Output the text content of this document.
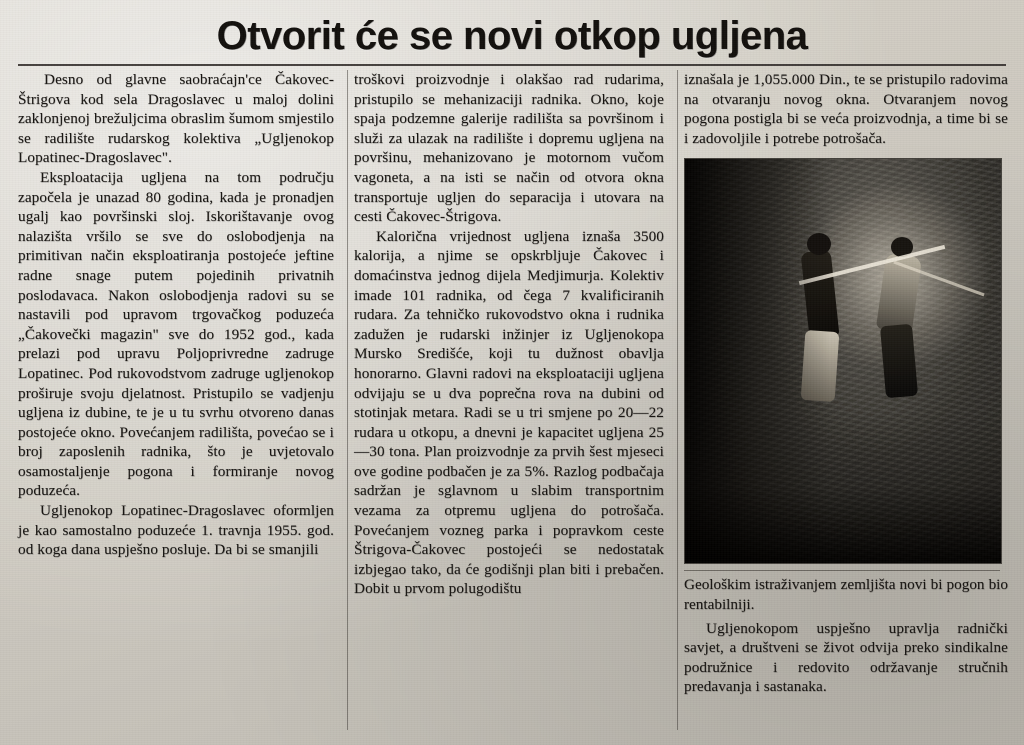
Otvorit će se novi otkop ugljena

Desno od glavne saobraćajn'ce Čakovec-Štrigova kod sela Dragoslavec u maloj dolini zaklonjenoj brežuljcima obraslim šumom smjestilo se radilište rudarskog kolektiva „Ugljenokop Lopatinec-Dragoslavec".

Eksploatacija ugljena na tom području započela je unazad 80 godina, kada je pronadjen ugalj kao površinski sloj. Iskorištavanje ovog nalazišta vršilo se sve do oslobodjenja na primitivan način eksploatiranja postojeće jeftine radne snage putem pojedinih privatnih poslodavaca. Nakon oslobodjenja radovi su se nastavili pod upravom trgovačkog poduzeća „Čakovečki magazin" sve do 1952 god., kada prelazi pod upravu Poljoprivredne zadruge Lopatinec. Pod rukovodstvom zadruge ugljenokop proširuje svoju djelatnost. Pristupilo se vadjenju ugljena iz dubine, te je u tu svrhu otvoreno danas postojeće okno. Povećanjem radilišta, povećao se i broj zaposlenih radnika, što je uvjetovalo osamostaljenje pogona i formiranje novog poduzeća.

Ugljenokop Lopatinec-Dragoslavec oformljen je kao samostalno poduzeće 1. travnja 1955. god. od koga dana uspješno posluje. Da bi se smanjili

troškovi proizvodnje i olakšao rad rudarima, pristupilo se mehanizaciji radnika. Okno, koje spaja podzemne galerije radilišta sa površinom i služi za ulazak na radilište i dopremu ugljena na površinu, mehanizovano je motornom vučom vagoneta, a na isti se način od otvora okna transportuje ugljen do separacija i utovara na cesti Čakovec-Štrigova.

Kalorična vrijednost ugljena iznaša 3500 kalorija, a njime se opskrbljuje Čakovec i domaćinstva jednog dijela Medjimurja. Kolektiv imade 101 radnika, od čega 7 kvalificiranih rudara. Za tehničko rukovodstvo okna i rudnika zadužen je rudarski inžinjer iz Ugljenokopa Mursko Središće, koji tu dužnost obavlja honorarno. Glavni radovi na eksploataciji ugljena odvijaju se u dva poprečna rova na dubini od stotinjak metara. Radi se u tri smjene po 20—22 rudara u otkopu, a dnevni je kapacitet ugljena 25—30 tona. Plan proizvodnje za prvih šest mjeseci ove godine podbačen je za 5%. Razlog podbačaja sadržan je sglavnom u slabim transportnim vezama za otpremu ugljena do potrošača. Povećanjem vozneg parka i popravkom ceste Štrigova-Čakovec postojeći se nedostatak izbjegao tako, da će godišnji plan biti i prebačen. Dobit u prvom polugodištu

iznašala je 1,055.000 Din., te se pristupilo radovima na otvaranju novog okna. Otvaranjem novog pogona postigla bi se veća proizvodnja, a time bi se i zadovoljile i potrebe potrošača.

Geološkim istraživanjem zemljišta novi bi pogon bio rentabilniji.

Ugljenokopom uspješno upravlja radnički savjet, a društveni se život odvija preko sindikalne podružnice i redovito održavanje stručnih predavanja i sastanaka.
